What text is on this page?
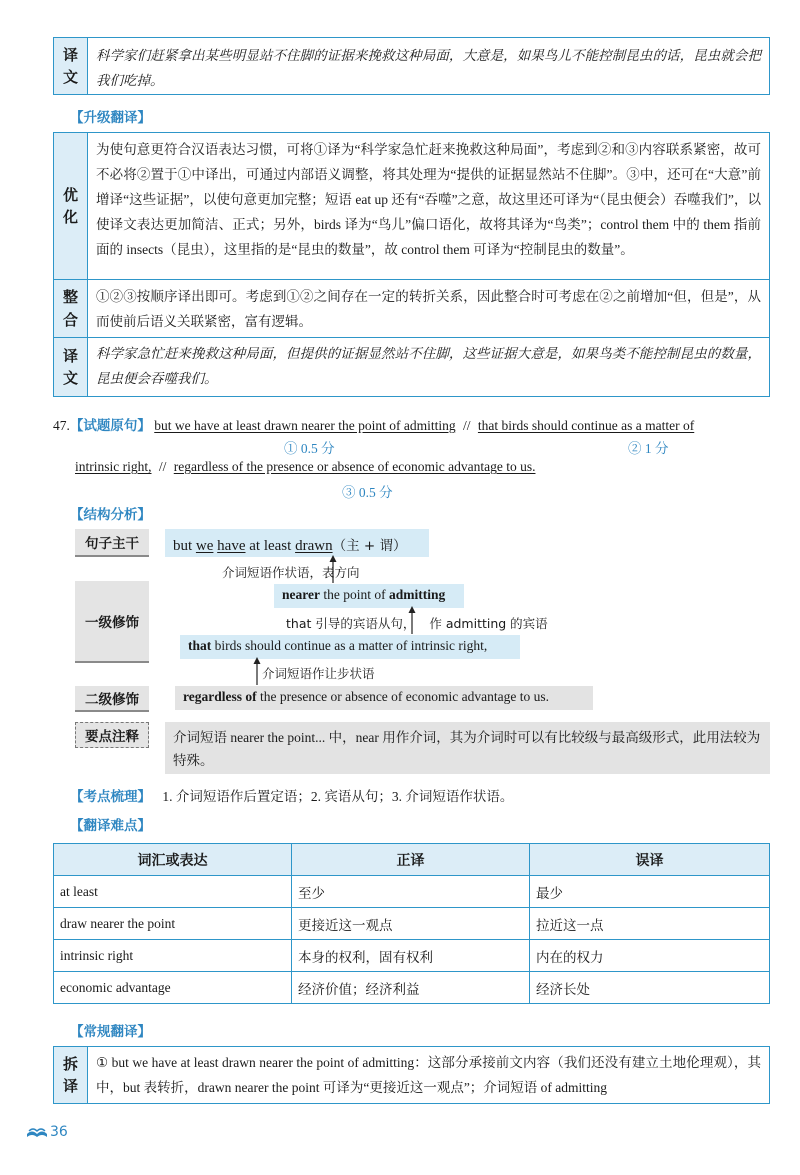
译文
科学家们赶紧拿出某些明显站不住脚的证据来挽救这种局面，大意是，如果鸟儿不能控制昆虫的话，昆虫就会把我们吃掉。
【升级翻译】
优化
为使句意更符合汉语表达习惯，可将①译为“科学家急忙赶来挽救这种局面”，考虑到②和③内容联系紧密，故可不必将②置于①中译出，可通过内部语义调整，将其处理为“提供的证据显然站不住脚”。③中，还可在“大意”前增译“这些证据”，以使句意更加完整；短语 eat up 还有“吞噬”之意，故这里还可译为“（昆虫便会）吞噬我们”，以使译文表达更加简洁、正式；另外，birds 译为“鸟儿”偏口语化，故将其译为“鸟类”；control them 中的 them 指前面的 insects（昆虫），这里指的是“昆虫的数量”，故 control them 可译为“控制昆虫的数量”。
整合
①②③按顺序译出即可。考虑到①②之间存在一定的转折关系，因此整合时可考虑在②之前增加“但，但是”，从而使前后语义关联紧密，富有逻辑。
译文
科学家急忙赶来挽救这种局面，但提供的证据显然站不住脚，这些证据大意是，如果鸟类不能控制昆虫的数量，昆虫便会吞噬我们。
47.【试题原句】 but we have at least drawn nearer the point of admitting // that birds should continue as a matter of
① 0.5 分	② 1 分
intrinsic right, // regardless of the presence or absence of economic advantage to us.
③ 0.5 分
【结构分析】
句子主干	but we have at least drawn（主 + 谓）
介词短语作状语，表方向
一级修饰
nearer the point of admitting
that 引导的宾语从句， 作 admitting 的宾语
that birds should continue as a matter of intrinsic right,
介词短语作让步状语
二级修饰	regardless of the presence or absence of economic advantage to us.
要点注释	介词短语 nearer the point... 中，near 用作介词，其为介词时可以有比较级与最高级形式，此用法较为特殊。
【考点梳理】 1. 介词短语作后置定语；2. 宾语从句；3. 介词短语作状语。
【翻译难点】
词汇或表达	正译	误译
at least	至少	最少
draw nearer the point	更接近这一观点	拉近这一点
intrinsic right	本身的权利，固有权利	内在的权力
economic advantage	经济价值；经济利益	经济长处
【常规翻译】
拆译
① but we have at least drawn nearer the point of admitting：这部分承接前文内容（我们还没有建立土地伦理观），其中，but 表转折，drawn nearer the point 可译为“更接近这一观点”；介词短语 of admitting
36
